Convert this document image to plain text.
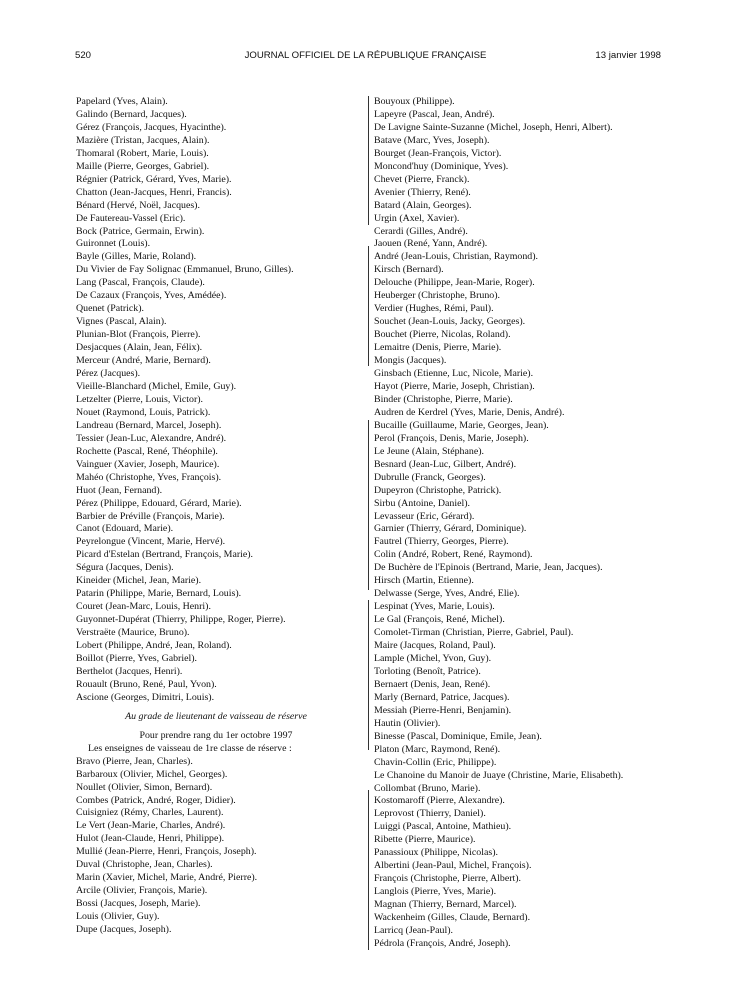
520	JOURNAL OFFICIEL DE LA RÉPUBLIQUE FRANÇAISE	13 janvier 1998
Papelard (Yves, Alain).
Galindo (Bernard, Jacques).
Gérez (François, Jacques, Hyacinthe).
Mazière (Tristan, Jacques, Alain).
Thomaral (Robert, Marie, Louis).
Maille (Pierre, Georges, Gabriel).
Régnier (Patrick, Gérard, Yves, Marie).
Chatton (Jean-Jacques, Henri, Francis).
Bénard (Hervé, Noël, Jacques).
De Fautereau-Vassel (Eric).
Bock (Patrice, Germain, Erwin).
Guironnet (Louis).
Bayle (Gilles, Marie, Roland).
Du Vivier de Fay Solignac (Emmanuel, Bruno, Gilles).
Lang (Pascal, François, Claude).
De Cazaux (François, Yves, Amédée).
Quenet (Patrick).
Vignes (Pascal, Alain).
Plunian-Blot (François, Pierre).
Desjacques (Alain, Jean, Félix).
Merceur (André, Marie, Bernard).
Pérez (Jacques).
Vieille-Blanchard (Michel, Emile, Guy).
Letzelter (Pierre, Louis, Victor).
Nouet (Raymond, Louis, Patrick).
Landreau (Bernard, Marcel, Joseph).
Tessier (Jean-Luc, Alexandre, André).
Rochette (Pascal, René, Théophile).
Vainguer (Xavier, Joseph, Maurice).
Mahéo (Christophe, Yves, François).
Huot (Jean, Fernand).
Pérez (Philippe, Edouard, Gérard, Marie).
Barbier de Préville (François, Marie).
Canot (Edouard, Marie).
Peyrelongue (Vincent, Marie, Hervé).
Picard d'Estelan (Bertrand, François, Marie).
Ségura (Jacques, Denis).
Kineider (Michel, Jean, Marie).
Patarin (Philippe, Marie, Bernard, Louis).
Couret (Jean-Marc, Louis, Henri).
Guyonnet-Dupérat (Thierry, Philippe, Roger, Pierre).
Verstraëte (Maurice, Bruno).
Lobert (Philippe, André, Jean, Roland).
Boillot (Pierre, Yves, Gabriel).
Berthelot (Jacques, Henri).
Rouault (Bruno, René, Paul, Yvon).
Ascione (Georges, Dimitri, Louis).
Au grade de lieutenant de vaisseau de réserve
Pour prendre rang du 1er octobre 1997
Les enseignes de vaisseau de 1re classe de réserve :
Bravo (Pierre, Jean, Charles).
Barbaroux (Olivier, Michel, Georges).
Noullet (Olivier, Simon, Bernard).
Combes (Patrick, André, Roger, Didier).
Cuisigniez (Rémy, Charles, Laurent).
Le Vert (Jean-Marie, Charles, André).
Hulot (Jean-Claude, Henri, Philippe).
Mullié (Jean-Pierre, Henri, François, Joseph).
Duval (Christophe, Jean, Charles).
Marin (Xavier, Michel, Marie, André, Pierre).
Arcile (Olivier, François, Marie).
Bossi (Jacques, Joseph, Marie).
Louis (Olivier, Guy).
Dupe (Jacques, Joseph).
Bouyoux (Philippe).
Lapeyre (Pascal, Jean, André).
De Lavigne Sainte-Suzanne (Michel, Joseph, Henri, Albert).
Batave (Marc, Yves, Joseph).
Bourget (Jean-François, Victor).
Moncond'huy (Dominique, Yves).
Chevet (Pierre, Franck).
Avenier (Thierry, René).
Batard (Alain, Georges).
Urgin (Axel, Xavier).
Cerardi (Gilles, André).
Jaouen (René, Yann, André).
André (Jean-Louis, Christian, Raymond).
Kirsch (Bernard).
Delouche (Philippe, Jean-Marie, Roger).
Heuberger (Christophe, Bruno).
Verdier (Hughes, Rémi, Paul).
Souchet (Jean-Louis, Jacky, Georges).
Bouchet (Pierre, Nicolas, Roland).
Lemaitre (Denis, Pierre, Marie).
Mongis (Jacques).
Ginsbach (Etienne, Luc, Nicole, Marie).
Hayot (Pierre, Marie, Joseph, Christian).
Binder (Christophe, Pierre, Marie).
Audren de Kerdrel (Yves, Marie, Denis, André).
Bucaille (Guillaume, Marie, Georges, Jean).
Perol (François, Denis, Marie, Joseph).
Le Jeune (Alain, Stéphane).
Besnard (Jean-Luc, Gilbert, André).
Dubrulle (Franck, Georges).
Dupeyron (Christophe, Patrick).
Sirbu (Antoine, Daniel).
Levasseur (Eric, Gérard).
Garnier (Thierry, Gérard, Dominique).
Fautrel (Thierry, Georges, Pierre).
Colin (André, Robert, René, Raymond).
De Buchère de l'Epinois (Bertrand, Marie, Jean, Jacques).
Hirsch (Martin, Etienne).
Delwasse (Serge, Yves, André, Elie).
Lespinat (Yves, Marie, Louis).
Le Gal (François, René, Michel).
Comolet-Tirman (Christian, Pierre, Gabriel, Paul).
Maire (Jacques, Roland, Paul).
Lample (Michel, Yvon, Guy).
Torloting (Benoît, Patrice).
Bernaert (Denis, Jean, René).
Marly (Bernard, Patrice, Jacques).
Messiah (Pierre-Henri, Benjamin).
Hautin (Olivier).
Binesse (Pascal, Dominique, Emile, Jean).
Platon (Marc, Raymond, René).
Chavin-Collin (Eric, Philippe).
Le Chanoine du Manoir de Juaye (Christine, Marie, Elisabeth).
Collombat (Bruno, Marie).
Kostomaroff (Pierre, Alexandre).
Leprovost (Thierry, Daniel).
Luiggi (Pascal, Antoine, Mathieu).
Ribette (Pierre, Maurice).
Panassioux (Philippe, Nicolas).
Albertini (Jean-Paul, Michel, François).
François (Christophe, Pierre, Albert).
Langlois (Pierre, Yves, Marie).
Magnan (Thierry, Bernard, Marcel).
Wackenheim (Gilles, Claude, Bernard).
Larricq (Jean-Paul).
Pédrola (François, André, Joseph).
